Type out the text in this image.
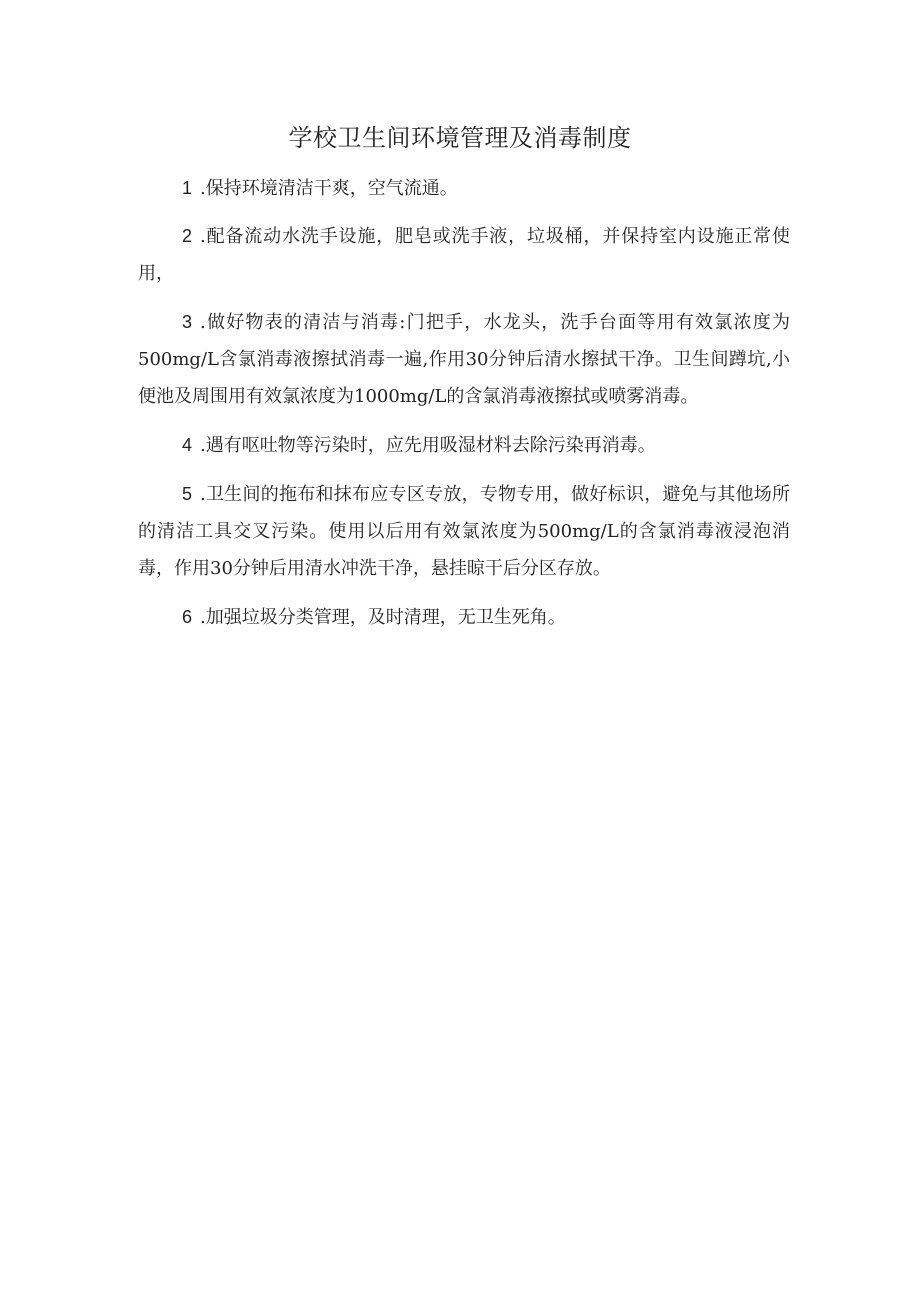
学校卫生间环境管理及消毒制度

1 .保持环境清洁干爽，空气流通。

2 .配备流动水洗手设施，肥皂或洗手液，垃圾桶，并保持室内设施正常使用，

3 .做好物表的清洁与消毒:门把手，水龙头，洗手台面等用有效氯浓度为500mg∕L含氯消毒液擦拭消毒一遍,作用30分钟后清水擦拭干净。卫生间蹲坑,小便池及周围用有效氯浓度为1000mg∕L的含氯消毒液擦拭或喷雾消毒。

4 .遇有呕吐物等污染时，应先用吸湿材料去除污染再消毒。

5 .卫生间的拖布和抹布应专区专放，专物专用，做好标识，避免与其他场所的清洁工具交叉污染。使用以后用有效氯浓度为500mg∕L的含氯消毒液浸泡消毒，作用30分钟后用清水冲洗干净，悬挂晾干后分区存放。

6 .加强垃圾分类管理，及时清理，无卫生死角。
